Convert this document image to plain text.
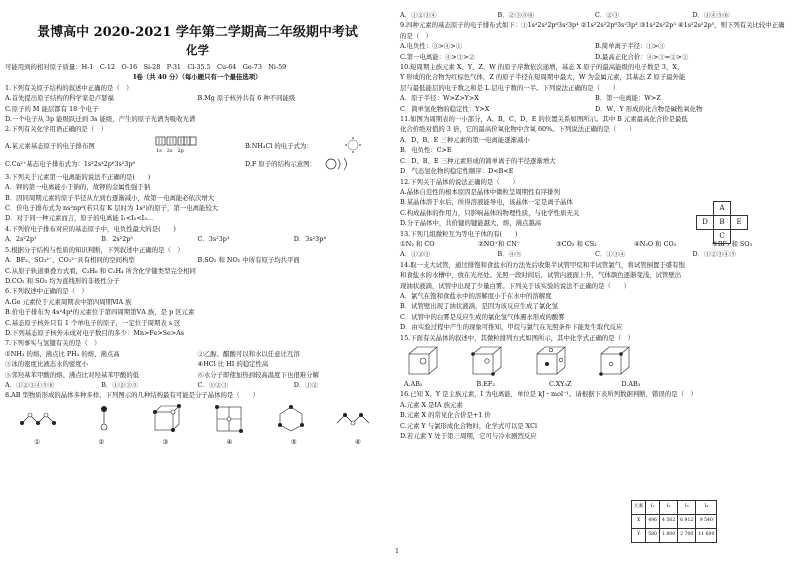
景博高中 2020-2021 学年第二学期高二年级期中考试
化学
可能用到的相对原子质量：H-1　C-12　O-16　Si-28　P-31　Cl-35.5　Cu-64　Ge-73　Ni-59
Ⅰ卷（共 40 分）（每小题只有一个最佳选项）
1.下列有关原子结构的叙述中正确的是（　）
A.首先提出原子结构的科学家是卢瑟福	B.Mg 原子核外共有 6 种不同能级
C.原子的 M 能层都有 18 个电子
D.一个电子从 3p 能级跃迁到 3s 能级，产生的原子光谱为吸收光谱
2.下列有关化学用语正确的是（　）
A.某元素基态原子的电子排布图
1s　2s　2p
B.NH₄Cl 的电子式为：
C.Ca²⁺基态电子排布式为：1s²2s²2p⁶3s²3p⁶	D.F 原子的结构示意图：
3.下列关于元素第一电离能的说法不正确的是(　　)
A．钾的第一电离能小于钠的，故钾的金属性强于钠
B．因同周期元素的原子半径从左到右逐渐减小，故第一电离能必依次增大
C．价电子排布式为 ns²np⁶(若只有 K 层时为 1s²)的原子，第一电离能较大
D．对于同一种元素而言，原子的电离能 I₁<I₂<I₃…
4.下列价电子排布对应的基态原子中，电负性最大的是(　　)
A．2s²2p¹	B．2s²2p³	C．3s²3p³	D．3s²3p⁴
5.根据分子结构与性质的知识判断，下列叙述中正确的是（　）
A．BF₃、SO₃²⁻、CO₃²⁻具有相同的空间构型	B.SO₂ 和 NO₂ 中所有原子均共平面
C.从原子轨道重叠方式看，C₂H₆ 和 C₂H₄ 所含化学键类型完全相同
D.CO₂ 和 SO₂ 均为直线形的非极性分子
6.下列叙述中正确的是（　）
A.Ge 元素位于元素周期表中第四周期ⅥA 族
B.价电子排布为 4s²4p⁴的元素位于第四周期第ⅤA 族，是 p 区元素
C.基态原子核外只有 1 个单电子的原子，一定位于周期表 s 区
D.下列基态原子核外未成对电子数目的多少：Mn>Fe>Se>As
7.下列事实与氢键有关的是（　）
①NH₃ 的熔、沸点比 PH₃ 的熔、沸点高	②乙醇、醋酸可以和水以任意比互溶
③冰的密度比液态水的密度小	④HCl 比 HI 的稳定性高
⑤邻羟基苯甲酸的熔、沸点比对羟基苯甲酸的低	⑥水分子即使加热到较高温度下也很难分解
A．①②③④⑤⑥	B．①②③⑤	C．①②③	D．①②
8.AB 型物质形成的晶体多种多样，下列图示的几种结构最有可能是分子晶体的是（　　）
①	②	③	④	⑤	⑥
A．①②③④	B．②③⑤⑥	C．②③	D．①④⑤⑥
9.四种元素的基态原子的电子排布式如下：①1s²2s²2p⁶3s²3p⁴ ②1s²2s²2p⁶3s²3p³ ③1s²2s²2p³ ④1s²2s²2p⁵，则下列有关比较中正确的是（　）
A.电负性：③>④>①	B.简单离子半径：①>③
C.第一电离能：④>③>②	D.最高正化合价：④>③=②>①
10.短周期主族元素 X、Y、Z、W 的原子序数依次递增，基态 X 原子的最高能级的电子数是 3，X、
Y 形成的化合物为红棕色气体，Z 的原子半径在短周期中最大，W 为金属元素，其基态 Z 原子最外能
层与最低能层的电子数之和是 L 层电子数的一半。下列说法正确的是（　　）
A．原子半径：W>Z>Y>X	B．第一电离能：W>Z
C．简单氢化物的稳定性：Y>X	D．W、Y 形成的化合物是碱性氧化物
11.如图为周期表的一小部分，A、B、C、D、E 的位置关系如图所示。其中 B 元素最高化合价是最低
化合价绝对值的 3 倍，它的最高价氧化物中含氧 60%。下列说法正确的是（　　）
A．D、B、E 三种元素的第一电离能逐渐减小
B．电负性：C>E
C．D、B、E 三种元素形成的简单离子的半径逐渐增大
D．气态氢化物的稳定性顺序：D<B<E
	A	
D	B	E
	C	
12.下列关于晶体的说法正确的是（　　）
A.晶体自范性的根本原因是晶体中微粒呈周期性有序排列
B.某晶体溶于水后，所得溶液能导电，该晶体一定是离子晶体
C.构成晶体的作用力，只影响晶体的物理性质，与化学性质无关
D.分子晶体中，共价键的键能越大，熔、沸点越高
13.下列几组微粒互为等电子体的有(　　)
①N₂ 和 CO	②NO⁺和 CN⁻	③CO₂ 和 CS₂	④N₂O 和 CO₂	⑤BF₃ 和 SO₃
A．①②③	B．④⑤	C．①③④	D．①②③④⑤
14.取一支大试管，通过排饱和食盐水的方法先后收集半试管甲烷和半试管氯气，将试管倒置于盛有饱
和食盐水的水槽中，放在光亮处。光照一段时间后，试管内液面上升，气体颜色逐渐变浅，试管壁出
现油状液滴，试管中出现了少量白雾。下列关于该实验的说法不正确的是（　　）
A．氯气在饱和食盐水中的溶解度小于在水中的溶解度
B．试管壁出现了油状液滴，是因为该反应生成了氯化氢
C．试管中的白雾是反应生成的氯化氢气体遇水形成的酸雾
D．由实验过程中产生的现象可推知，甲烷与氯气在光照条件下能发生取代反应
15.下面有关晶体的叙述中，其微粒排列方式如图所示，其中化学式正确的是（　）
A.AB₂	B.EF₂	C.XY₃Z	D.AB₃
16.已知 X、Y 是主族元素，I 为电离能，单位是 kJ・mol⁻¹。请根据下表所列数据判断，错误的是（　）
A.元素 X 是ⅠA 族元素
B.元素 X 的常见化合价是+1 价
C.元素 Y 与氯形成化合物时，化学式可以是 XCl
D.若元素 Y 处于第三周期，它可与冷水剧烈反应
元素	I₁	I₂	I₃	I₄
X	496	4 562	6 912	9 540
Y	580	1 800	2 700	11 600
1
